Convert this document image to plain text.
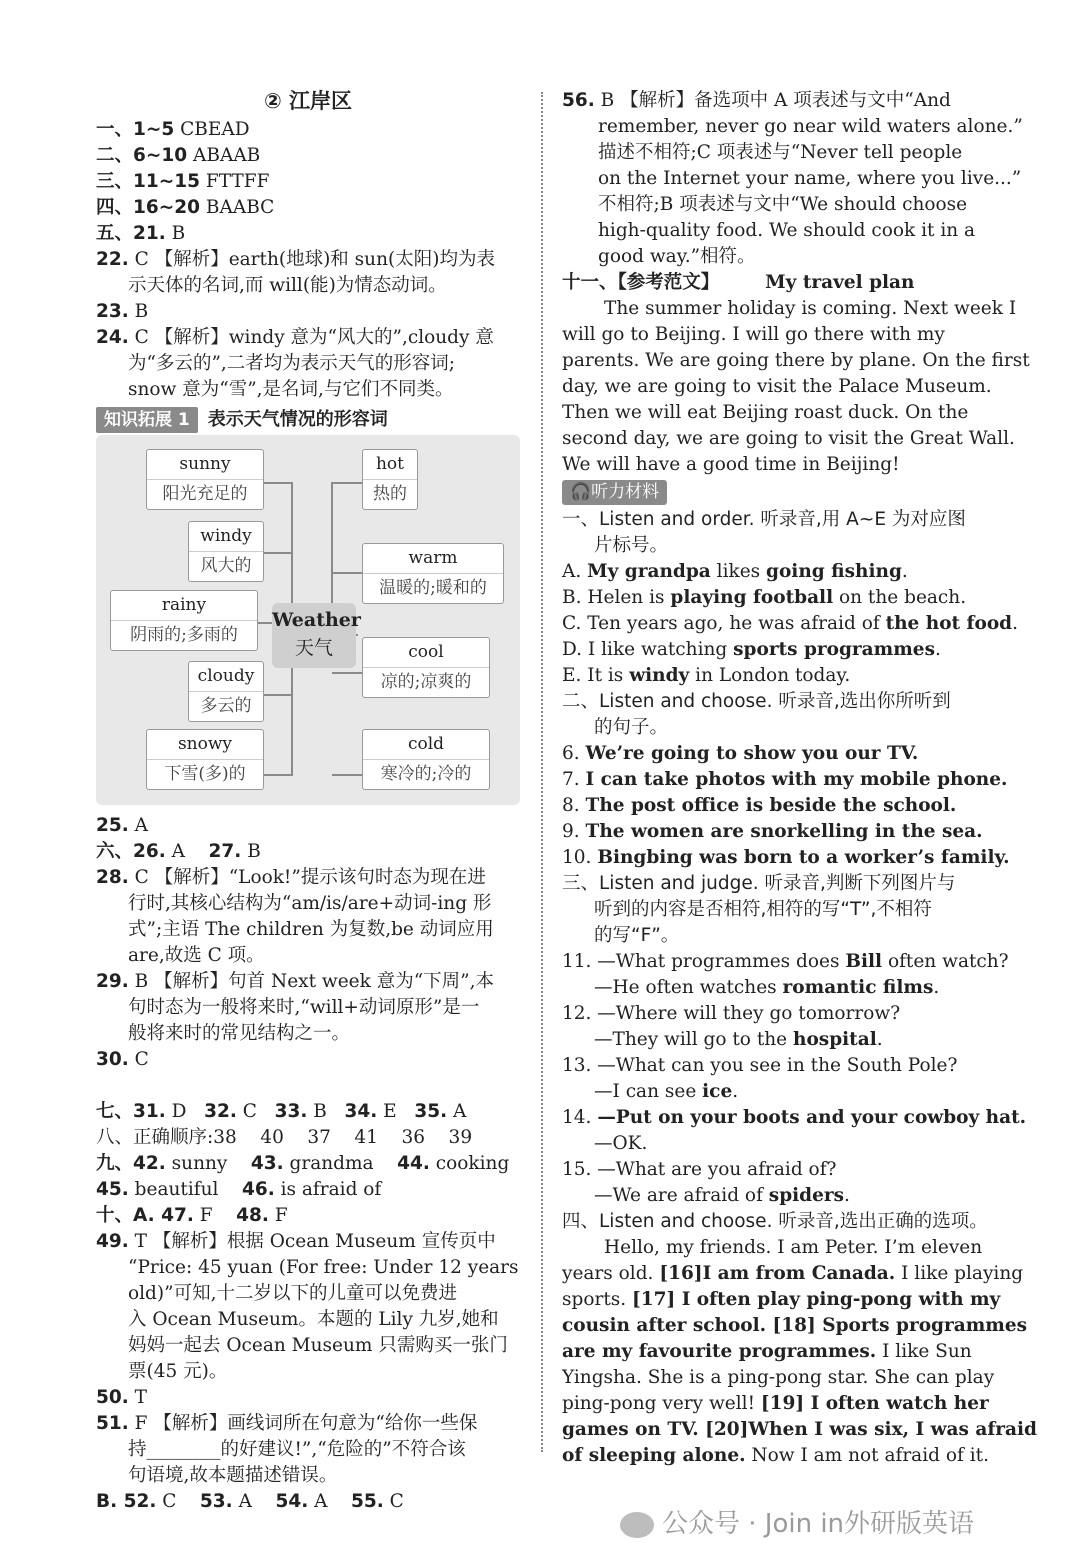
② 江岸区
一、1~5 CBEAD
二、6~10 ABAAB
三、11~15 FTTFF
四、16~20 BAABC
五、21. B
22. C 【解析】earth(地球)和 sun(太阳)均为表
示天体的名词,而 will(能)为情态动词。
23. B
24. C 【解析】windy 意为“风大的”,cloudy 意
为“多云的”,二者均为表示天气的形容词;
snow 意为“雪”,是名词,与它们不同类。
知识拓展 1	表示天气情况的形容词
Weather
天气
sunny
阳光充足的
windy
风大的
rainy
阴雨的;多雨的
cloudy
多云的
snowy
下雪(多)的
hot
热的
warm
温暖的;暖和的
cool
凉的;凉爽的
cold
寒冷的;冷的
25. A
六、26. A    27. B
28. C 【解析】“Look!”提示该句时态为现在进
行时,其核心结构为“am/is/are+动词-ing 形
式”;主语 The children 为复数,be 动词应用
are,故选 C 项。
29. B 【解析】句首 Next week 意为“下周”,本
句时态为一般将来时,“will+动词原形”是一
般将来时的常见结构之一。
30. C

七、31. D   32. C   33. B   34. E   35. A
八、正确顺序:38    40    37    41    36    39
九、42. sunny    43. grandma    44. cooking
45. beautiful    46. is afraid of
十、A. 47. F    48. F
49. T 【解析】根据 Ocean Museum 宣传页中
“Price: 45 yuan (For free: Under 12 years
old)”可知,十二岁以下的儿童可以免费进
入 Ocean Museum。本题的 Lily 九岁,她和
妈妈一起去 Ocean Museum 只需购买一张门
票(45 元)。
50. T
51. F 【解析】画线词所在句意为“给你一些保
持________的好建议!”,“危险的”不符合该
句语境,故本题描述错误。
B. 52. C    53. A    54. A    55. C
56. B 【解析】备选项中 A 项表述与文中“And
remember, never go near wild waters alone.”
描述不相符;C 项表述与“Never tell people
on the Internet your name, where you live...”
不相符;B 项表述与文中“We should choose
high-quality food. We should cook it in a
good way.”相符。
十一、【参考范文】 My travel plan
The summer holiday is coming. Next week I
will go to Beijing. I will go there with my
parents. We are going there by plane. On the first
day, we are going to visit the Palace Museum.
Then we will eat Beijing roast duck. On the
second day, we are going to visit the Great Wall.
We will have a good time in Beijing!
🎧听力材料
一、Listen and order. 听录音,用 A~E 为对应图
片标号。
A. My grandpa likes going fishing.
B. Helen is playing football on the beach.
C. Ten years ago, he was afraid of the hot food.
D. I like watching sports programmes.
E. It is windy in London today.
二、Listen and choose. 听录音,选出你所听到
的句子。
6. We’re going to show you our TV.
7. I can take photos with my mobile phone.
8. The post office is beside the school.
9. The women are snorkelling in the sea.
10. Bingbing was born to a worker’s family.
三、Listen and judge. 听录音,判断下列图片与
听到的内容是否相符,相符的写“T”,不相符
的写“F”。
11. —What programmes does Bill often watch?
—He often watches romantic films.
12. —Where will they go tomorrow?
—They will go to the hospital.
13. —What can you see in the South Pole?
—I can see ice.
14. —Put on your boots and your cowboy hat.
—OK.
15. —What are you afraid of?
—We are afraid of spiders.
四、Listen and choose. 听录音,选出正确的选项。
Hello, my friends. I am Peter. I’m eleven
years old. [16]I am from Canada. I like playing
sports. [17] I often play ping-pong with my
cousin after school. [18] Sports programmes
are my favourite programmes. I like Sun
Yingsha. She is a ping-pong star. She can play
ping-pong very well! [19] I often watch her
games on TV. [20]When I was six, I was afraid
of sleeping alone. Now I am not afraid of it.
公众号 · Join in外研版英语
